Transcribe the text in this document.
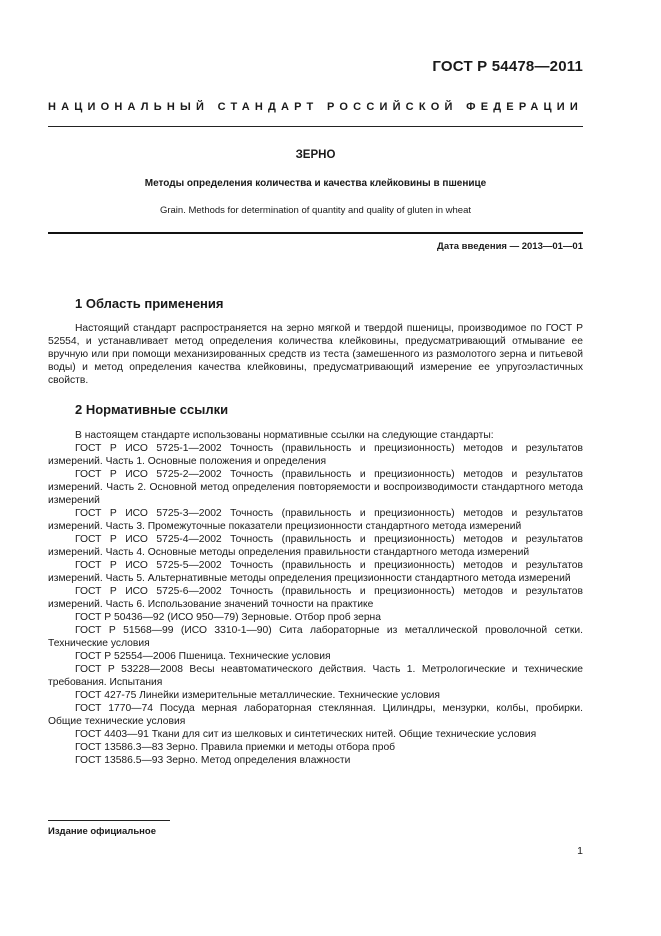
ГОСТ Р 54478—2011
НАЦИОНАЛЬНЫЙ СТАНДАРТ РОССИЙСКОЙ ФЕДЕРАЦИИ
ЗЕРНО
Методы определения количества и качества клейковины в пшенице
Grain. Methods for determination of quantity and quality of gluten in wheat
Дата введения — 2013—01—01
1 Область применения

Настоящий стандарт распространяется на зерно мягкой и твердой пшеницы, производимое по ГОСТ Р 52554, и устанавливает метод определения количества клейковины, предусматривающий отмывание ее вручную или при помощи механизированных средств из теста (замешенного из размолотого зерна и питьевой воды) и метод определения качества клейковины, предусматривающий измерение ее упругоэластичных свойств.

2 Нормативные ссылки

В настоящем стандарте использованы нормативные ссылки на следующие стандарты:

ГОСТ Р ИСО 5725-1—2002 Точность (правильность и прецизионность) методов и результатов измерений. Часть 1. Основные положения и определения

ГОСТ Р ИСО 5725-2—2002 Точность (правильность и прецизионность) методов и результатов измерений. Часть 2. Основной метод определения повторяемости и воспроизводимости стандартного метода измерений

ГОСТ Р ИСО 5725-3—2002 Точность (правильность и прецизионность) методов и результатов измерений. Часть 3. Промежуточные показатели прецизионности стандартного метода измерений

ГОСТ Р ИСО 5725-4—2002 Точность (правильность и прецизионность) методов и результатов измерений. Часть 4. Основные методы определения правильности стандартного метода измерений

ГОСТ Р ИСО 5725-5—2002 Точность (правильность и прецизионность) методов и результатов измерений. Часть 5. Альтернативные методы определения прецизионности стандартного метода измерений

ГОСТ Р ИСО 5725-6—2002 Точность (правильность и прецизионность) методов и результатов измерений. Часть 6. Использование значений точности на практике

ГОСТ Р 50436—92 (ИСО 950—79) Зерновые. Отбор проб зерна

ГОСТ Р 51568—99 (ИСО 3310-1—90) Сита лабораторные из металлической проволочной сетки. Технические условия

ГОСТ Р 52554—2006 Пшеница. Технические условия

ГОСТ Р 53228—2008 Весы неавтоматического действия. Часть 1. Метрологические и технические требования. Испытания

ГОСТ 427-75 Линейки измерительные металлические. Технические условия

ГОСТ 1770—74 Посуда мерная лабораторная стеклянная. Цилиндры, мензурки, колбы, пробирки. Общие технические условия

ГОСТ 4403—91 Ткани для сит из шелковых и синтетических нитей. Общие технические условия

ГОСТ 13586.3—83 Зерно. Правила приемки и методы отбора проб

ГОСТ 13586.5—93 Зерно. Метод определения влажности

Издание официальное
1
